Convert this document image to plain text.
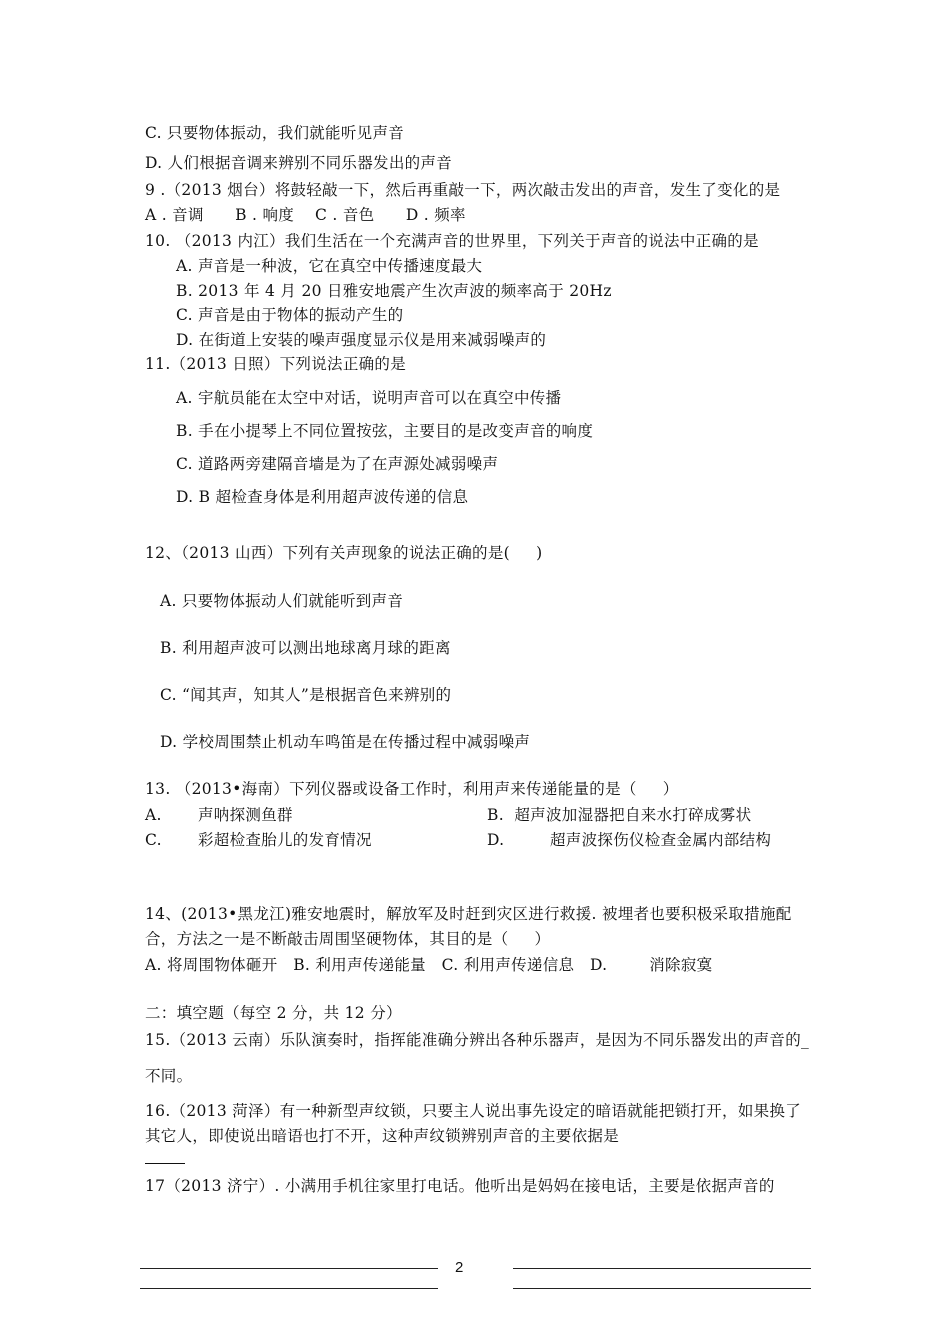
C. 只要物体振动，我们就能听见声音
D. 人们根据音调来辨别不同乐器发出的声音
9 .（2013 烟台）将鼓轻敲一下，然后再重敲一下，两次敲击发出的声音，发生了变化的是
A . 音调      B . 响度    C . 音色      D . 频率
10. （2013 内江）我们生活在一个充满声音的世界里，下列关于声音的说法中正确的是
A. 声音是一种波，它在真空中传播速度最大
B. 2013 年 4 月 20 日雅安地震产生次声波的频率高于 20Hz
C. 声音是由于物体的振动产生的
D. 在街道上安装的噪声强度显示仪是用来减弱噪声的
11.（2013 日照）下列说法正确的是
A. 宇航员能在太空中对话，说明声音可以在真空中传播
B. 手在小提琴上不同位置按弦，主要目的是改变声音的响度
C. 道路两旁建隔音墙是为了在声源处减弱噪声
D. B 超检查身体是利用超声波传递的信息
12、（2013 山西）下列有关声现象的说法正确的是(     )
A. 只要物体振动人们就能听到声音
B. 利用超声波可以测出地球离月球的距离
C. “闻其声，知其人”是根据音色来辨别的
D. 学校周围禁止机动车鸣笛是在传播过程中减弱噪声
13. （2013•海南）下列仪器或设备工作时，利用声来传递能量的是（     ）
A. 声呐探测鱼群	B.  超声波加湿器把自来水打碎成雾状
C. 彩超检查胎儿的发育情况	D.	超声波探伤仪检查金属内部结构
14、(2013•黑龙江)雅安地震时，解放军及时赶到灾区进行救援. 被埋者也要积极采取措施配
合，方法之一是不断敲击周围坚硬物体，其目的是（     ）
A. 将周围物体砸开   B. 利用声传递能量   C. 利用声传递信息   D.        消除寂寞
二：填空题（每空 2 分，共 12 分）
15.（2013 云南）乐队演奏时，指挥能准确分辨出各种乐器声，是因为不同乐器发出的声音的_
不同。
16.（2013 菏泽）有一种新型声纹锁，只要主人说出事先设定的暗语就能把锁打开，如果换了
其它人，即使说出暗语也打不开，这种声纹锁辨别声音的主要依据是
17（2013 济宁）. 小满用手机往家里打电话。他听出是妈妈在接电话，主要是依据声音的
2
